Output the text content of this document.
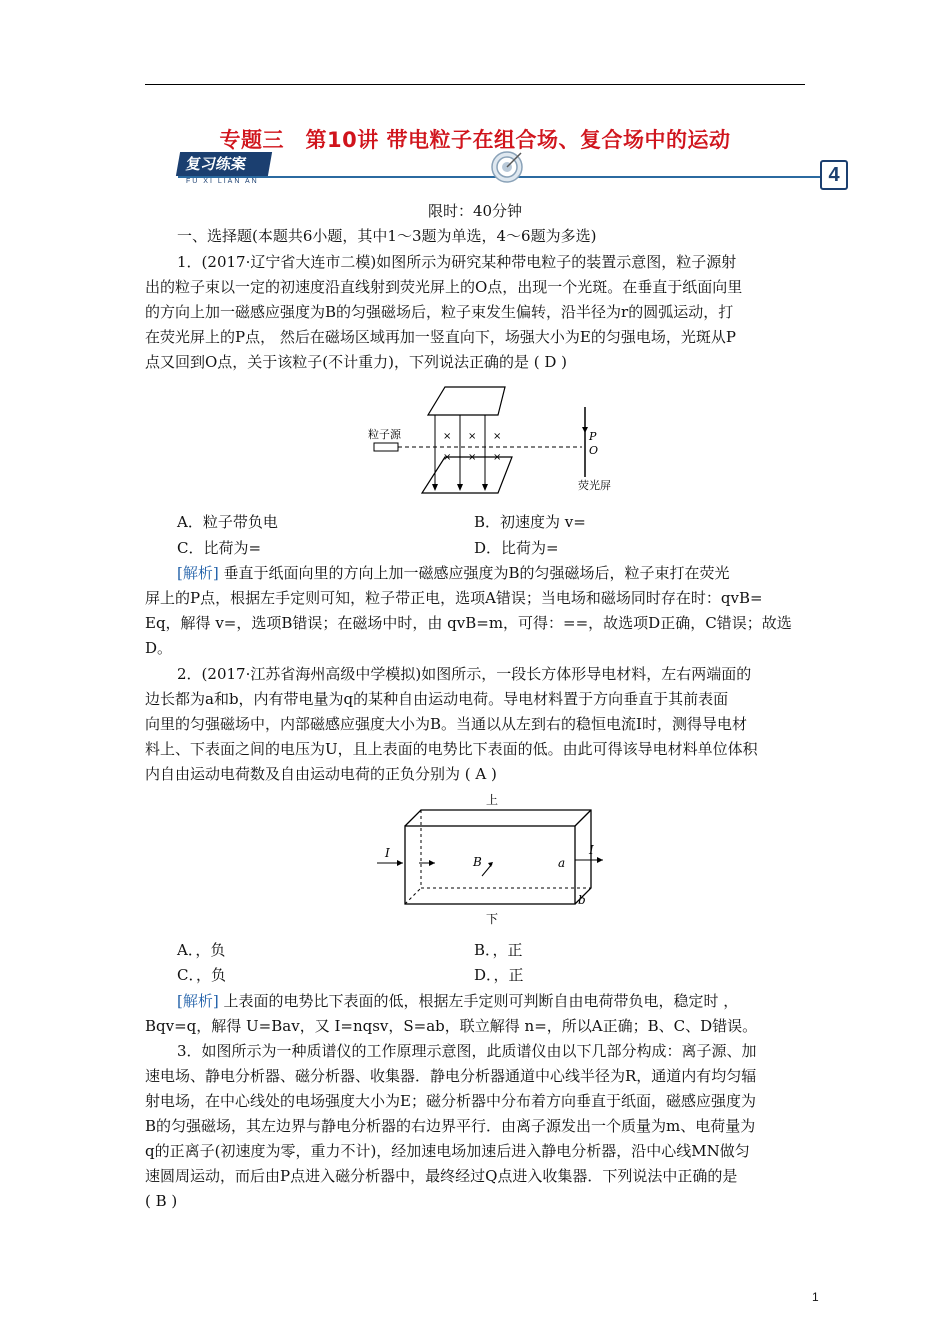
专题三　第10讲 带电粒子在组合场、复合场中的运动
复习练案
FU XI LIAN AN	4
限时：40分钟
一、选择题(本题共6小题，其中1～3题为单选，4～6题为多选)
1．(2017·辽宁省大连市二模)如图所示为研究某种带电粒子的装置示意图，粒子源射
出的粒子束以一定的初速度沿直线射到荧光屏上的O点，出现一个光斑。在垂直于纸面向里
的方向上加一磁感应强度为B的匀强磁场后，粒子束发生偏转，沿半径为r的圆弧运动，打
在荧光屏上的P点， 然后在磁场区域再加一竖直向下，场强大小为E的匀强电场，光斑从P
点又回到O点，关于该粒子(不计重力)，下列说法正确的是 ( D )
× × ×
× × ×
粒子源	P
O
荧光屏
A．粒子带负电	B．初速度为 v=
C．比荷为=	D．比荷为=
[解析] 垂直于纸面向里的方向上加一磁感应强度为B的匀强磁场后，粒子束打在荧光
屏上的P点，根据左手定则可知，粒子带正电，选项A错误；当电场和磁场同时存在时：qvB=
Eq，解得 v=，选项B错误；在磁场中时，由 qvB=m，可得：==，故选项D正确，C错误；故选
D。
2．(2017·江苏省海州高级中学模拟)如图所示，一段长方体形导电材料，左右两端面的
边长都为a和b，内有带电量为q的某种自由运动电荷。导电材料置于方向垂直于其前表面
向里的匀强磁场中，内部磁感应强度大小为B。当通以从左到右的稳恒电流I时，测得导电材
料上、下表面之间的电压为U，且上表面的电势比下表面的低。由此可得该导电材料单位体积
内自由运动电荷数及自由运动电荷的正负分别为 ( A )
上
下
I	I
B	a
b
A．，负	B．，正
C．，负	D．，正
[解析] 上表面的电势比下表面的低，根据左手定则可判断自由电荷带负电，稳定时 ，
Bqv=q，解得 U=Bav，又 I=nqsv，S=ab，联立解得 n=，所以A正确；B、C、D错误。
3．如图所示为一种质谱仪的工作原理示意图，此质谱仪由以下几部分构成：离子源、加
速电场、静电分析器、磁分析器、收集器．静电分析器通道中心线半径为R，通道内有均匀辐
射电场，在中心线处的电场强度大小为E；磁分析器中分布着方向垂直于纸面，磁感应强度为
B的匀强磁场，其左边界与静电分析器的右边界平行．由离子源发出一个质量为m、电荷量为
q的正离子(初速度为零，重力不计)，经加速电场加速后进入静电分析器，沿中心线MN做匀
速圆周运动，而后由P点进入磁分析器中，最终经过Q点进入收集器．下列说法中正确的是
( B )
1
